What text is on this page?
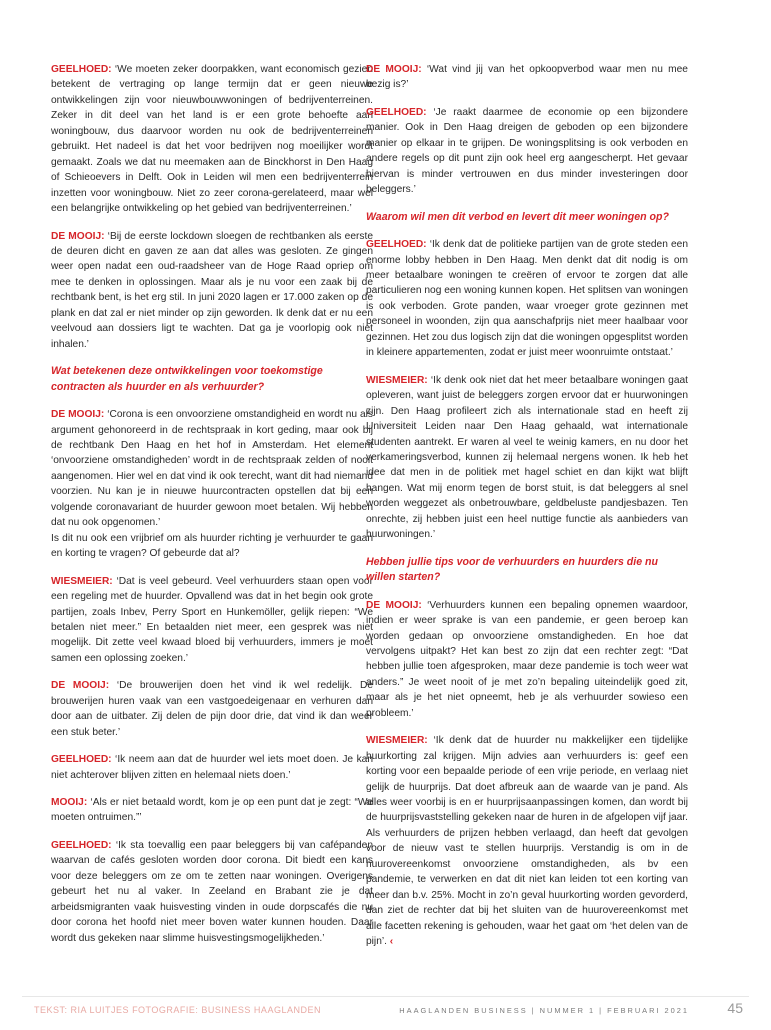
GEELHOED: ‘We moeten zeker doorpakken, want economisch gezien betekent de vertraging op lange termijn dat er geen nieuwe ontwikkelingen zijn voor nieuwbouwwoningen of bedrijventerreinen. Zeker in dit deel van het land is er een grote behoefte aan woningbouw, dus daarvoor worden nu ook de bedrijventerreinen gebruikt. Het nadeel is dat het voor bedrijven nog moeilijker wordt gemaakt. Zoals we dat nu meemaken aan de Binckhorst in Den Haag of Schieoevers in Delft. Ook in Leiden wil men een bedrijventerrein inzetten voor woningbouw. Niet zo zeer corona-gerelateerd, maar wel een belangrijke ontwikkeling op het gebied van bedrijventerreinen.’

DE MOOIJ: ‘Bij de eerste lockdown sloegen de rechtbanken als eerste de deuren dicht en gaven ze aan dat alles was gesloten. Ze gingen weer open nadat een oud-raadsheer van de Hoge Raad opriep om mee te denken in oplossingen. Maar als je nu voor een zaak bij de rechtbank bent, is het erg stil. In juni 2020 lagen er 17.000 zaken op de plank en dat zal er niet minder op zijn geworden. Ik denk dat er nu een veelvoud aan dossiers ligt te wachten. Dat ga je voorlopig ook niet inhalen.’

Wat betekenen deze ontwikkelingen voor toekomstige contracten als huurder en als verhuurder?

DE MOOIJ: ‘Corona is een onvoorziene omstandigheid en wordt nu als argument gehonoreerd in de rechtspraak in kort geding, maar ook bij de rechtbank Den Haag en het hof in Amsterdam. Het element ‘onvoorziene omstandigheden’ wordt in de rechtspraak zelden of nooit aangenomen. Hier wel en dat vind ik ook terecht, want dit had niemand voorzien. Nu kan je in nieuwe huurcontracten opstellen dat bij een volgende coronavariant de huurder gewoon moet betalen. Wij hebben dat nu ook opgenomen.’
Is dit nu ook een vrijbrief om als huurder richting je verhuurder te gaan en korting te vragen? Of gebeurde dat al?

WIESMEIER: ‘Dat is veel gebeurd. Veel verhuurders staan open voor een regeling met de huurder. Opvallend was dat in het begin ook grote partijen, zoals Inbev, Perry Sport en Hunkemöller, gelijk riepen: “We betalen niet meer.” En betaalden niet meer, een gesprek was niet mogelijk. Dit zette veel kwaad bloed bij verhuurders, immers je moet samen een oplossing zoeken.’

DE MOOIJ: ‘De brouwerijen doen het vind ik wel redelijk. De brouwerijen huren vaak van een vastgoedeigenaar en verhuren dan door aan de uitbater. Zij delen de pijn door drie, dat vind ik dan weer een stuk beter.’

GEELHOED: ‘Ik neem aan dat de huurder wel iets moet doen. Je kan niet achterover blijven zitten en helemaal niets doen.’

MOOIJ: ‘Als er niet betaald wordt, kom je op een punt dat je zegt: “We moeten ontruimen.”’

GEELHOED: ‘Ik sta toevallig een paar beleggers bij van cafépanden waarvan de cafés gesloten worden door corona. Dit biedt een kans voor deze beleggers om ze om te zetten naar woningen. Overigens gebeurt het nu al vaker. In Zeeland en Brabant zie je dat arbeidsmigranten vaak huisvesting vinden in oude dorpscafés die nu door corona het hoofd niet meer boven water kunnen houden. Daar wordt dus gekeken naar slimme huisvestingsmogelijkheden.’

DE MOOIJ: ‘Wat vind jij van het opkoopverbod waar men nu mee bezig is?’

GEELHOED: ‘Je raakt daarmee de economie op een bijzondere manier. Ook in Den Haag dreigen de geboden op een bijzondere manier op elkaar in te grijpen. De woningsplitsing is ook verboden en andere regels op dit punt zijn ook heel erg aangescherpt. Het gevaar hiervan is minder vertrouwen en dus minder investeringen door beleggers.’

Waarom wil men dit verbod en levert dit meer woningen op?

GEELHOED: ‘Ik denk dat de politieke partijen van de grote steden een enorme lobby hebben in Den Haag. Men denkt dat dit nodig is om meer betaalbare woningen te creëren of ervoor te zorgen dat alle particulieren nog een woning kunnen kopen. Het splitsen van woningen is ook verboden. Grote panden, waar vroeger grote gezinnen met personeel in woonden, zijn qua aanschafprijs niet meer haalbaar voor gezinnen. Het zou dus logisch zijn dat die woningen opgesplitst worden in kleinere appartementen, zodat er juist meer woonruimte ontstaat.’

WIESMEIER: ‘Ik denk ook niet dat het meer betaalbare woningen gaat opleveren, want juist de beleggers zorgen ervoor dat er huurwoningen zijn. Den Haag profileert zich als internationale stad en heeft zij Universiteit Leiden naar Den Haag gehaald, wat internationale studenten aantrekt. Er waren al veel te weinig kamers, en nu door het verkameringsverbod, kunnen zij helemaal nergens wonen. Ik heb het idee dat men in de politiek met hagel schiet en dan kijkt wat blijft hangen. Wat mij enorm tegen de borst stuit, is dat beleggers al snel worden weggezet als onbetrouwbare, geldbeluste pandjesbazen. Ten onrechte, zij hebben juist een heel nuttige functie als aanbieders van huurwoningen.’

Hebben jullie tips voor de verhuurders en huurders die nu willen starten?

DE MOOIJ: ‘Verhuurders kunnen een bepaling opnemen waardoor, indien er weer sprake is van een pandemie, er geen beroep kan worden gedaan op onvoorziene omstandigheden. En hoe dat vervolgens uitpakt? Het kan best zo zijn dat een rechter zegt: “Dat hebben jullie toen afgesproken, maar deze pandemie is toch weer wat anders.” Je weet nooit of je met zo’n bepaling uiteindelijk goed zit, maar als je het niet opneemt, heb je als verhuurder sowieso een probleem.’

WIESMEIER: ‘Ik denk dat de huurder nu makkelijker een tijdelijke huurkorting zal krijgen. Mijn advies aan verhuurders is: geef een korting voor een bepaalde periode of een vrije periode, en verlaag niet gelijk de huurprijs. Dat doet afbreuk aan de waarde van je pand. Als alles weer voorbij is en er huurprijsaanpassingen komen, dan wordt bij de huurprijsvaststelling gekeken naar de huren in de afgelopen vijf jaar. Als verhuurders de prijzen hebben verlaagd, dan heeft dat gevolgen voor de nieuw vast te stellen huurprijs. Verstandig is om in de huurovereenkomst onvoorziene omstandigheden, als bv een pandemie, te verwerken en dat dit niet kan leiden tot een korting van meer dan b.v. 25%. Mocht in zo’n geval huurkorting worden gevorderd, dan ziet de rechter dat bij het sluiten van de huurovereenkomst met alle facetten rekening is gehouden, waar het gaat om ‘het delen van de pijn’. ‹

TEKST: RIA LUITJES FOTOGRAFIE: BUSINESS HAAGLANDEN	HAAGLANDEN BUSINESS | NUMMER 1 | FEBRUARI 2021	45
